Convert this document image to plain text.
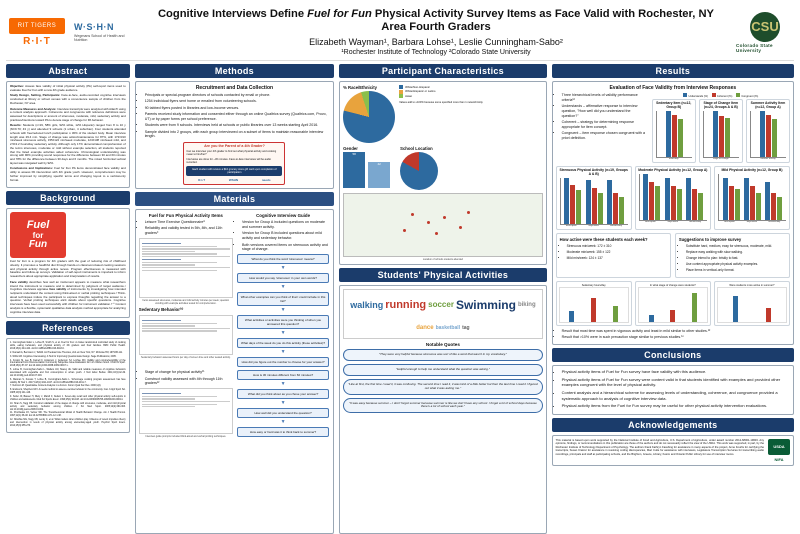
RIT TIGERS
R·I·T
W·S·H·N
Wegmans School of Health and Nutrition
Cognitive Interviews Define Fuel for Fun Physical Activity Survey Items as Face Valid with Rochester, NY Area Fourth Graders
Elizabeth Wayman¹, Barbara Lohse¹, Leslie Cunningham-Sabo²
¹Rochester Institute of Technology ²Colorado State University
CSU
Colorado State University
Abstract

Objective: Assess face validity of initial physical activity (PA) self-report items used to evaluate Fuel for Fun with a new 4th grade audience.

Study Design, Setting, Participants: Face-to-face, audio-recorded cognitive interviews conducted at library or school venues with a convenience sample of children from the Rochester, NY area.

Outcome Measures and Analysis: Interview transcripts were analyzed with AtlasTi using a content analysis approach. Coherence and congruence with reference definitions were assessed for descriptions or amount of strenuous, moderate, mild, sedentary activity and practices/intentions toward PA to denote stage of change for PA behavior.

Results: Students (n=19, 58% girls, 92% white, 12% Hispanic) ranged from 8 to 10 y (M=9.70; 43 y) and attended 9 schools (1 urban, 4 suburban). Four students attended schools with free/reduced lunch participation ≥ 30% of the student body. Mean interview length was 29.4 min. Stage of change was action/maintenance for 87%, with 172±310 min/week strenuous activity, 155±122 min/week moderate, 124±138 min/week mild, and 2.5±2.2 hours/day sedentary activity. Although only 17% demonstrated comprehension of the terms strenuous, moderate or mild without example selection, all students reported that the listed example activities aided coherence. Chronological understanding was strong with 90% providing sound responses for the difference between 30 and 60 minutes and 78% for the difference between 30 days and 6 months. The mixed horizontal vertical layout was navigated well by 92%.

Conclusions and Implications: Fuel for Fun PA items demonstrated face validity and utility to assess PA intervention with 4th grade youth. However, comprehension may be further improved by simplifying specific terms and changing layout to a vertical-only format.

Background
Fuel
for
Fun

Fuel for Fun is a program for 4th graders with the goal of reducing risk of childhood obesity. It promotes a healthful diet through hands-on classroom-based cooking sessions and physical activity through active recess. Program effectiveness is measured with baseline and follow-up surveys. Validation of self-report instruments is important to inform researchers about appropriate application and interpretation of results.

Face validity describes how well an instrument appears to measure what researchers intend the instrument to measure and is determined by judgment of target audience.¹ Cognitive interviews appraise face validity of instruments by investigating how intended recipients understand the content using think-aloud or verbal probing techniques.² Think-aloud techniques induce the participant to express thoughts regarding the answer to a question. Verbal probing techniques elicit details about specific questions. Cognitive interviews have been used successfully with children for instrument validation.³⁻⁶ Content analysis is a flexible, systematic qualitative data analysis method appropriate for analyzing cognitive interview data.

References

1. Cunningham-Sabo L, Lohse B, Smith S, et al. Fuel for Fun: A cluster-randomized controlled study of cooking skills, eating behaviors, and physical activity of 4th graders and their families. BMC Public Health. 2016;16(1):444-444. doi:10.1186/s12889-016-3118-6.

2. Namadi A, Bernstein J, Tabibli. An Predetermine Theories, 2nd ed. New York, NY: McGraw-Hill; 1979:86-111.

3. Willis GB. Cognitive Interviewing: A Tool for Improving Questionnaire Design. Sage Publications; 2005.

4. Foxton M, Lee B, Farnell F, Anderson J, Anderson SJ, Lochse DO. Validity and comprehensibility of the International Form Documentation Community Subjective Issue Evaluation form in children found. Child Int Sport. 2018;18(1):87-97. doi:10.1111/j.1600-0838.2009.00917.x.

5. Lohse B, Cunningham-Sabo L, Walters LM, Stacey JE. Valid and reliable measures of cognitive behaviors associated with vegetable and fruit consumption in urban youth. J Nutr Educ Behav. 2011;43(1):42-49. doi:10.1016/j.jneb.2010.07.003.

6. Marican S, Kossos T, Lohse B, Cunningham-Sabo L. School-age cooking program assessment has face validity. Br Nutr J. 2017;118(1):1011-1027. doi:10.1186/s12889-016-2011-7.

7. Nehnom M. Quantitative Content Analysis in a Forum. Forum Qual Soc Res. 2000;1(2).

8. Endres E, Shepherd WJ. A needs method to assess exercise behavior in the community. Can J Appl Sport Sci. 1985;10(3):141-146.

9. Suller JF, Basser H, Riely J, Marsh F, Nelson J. Seven-day recall and other physical activity self-reports in children and adolescents. Med Sci Sports Exerc. 1993;25(1):99-108. doi:10.1249/00005768-199301000-00014.

10. Shan S, Tagg CB. Construct validation of the stages of change with strenuous, moderate, and mild physical activity and sedentary behavior among children. J Sci Med Sport. 2005;12(2):294-303. doi:10.1016/j.jsams.2008.01.002.

11. Prochaska JO, Velicer WF. The Transtheoretical Model of Health Behavior Change. Am J Health Promot. 1997;12(1):38-48. doi:10.4278/0890-1171-12.1.38.

12. Nitschke MG, Nagy CB, Lenky C, et al. What matters when children play. Influence of recent impulsive theory and intervention in levels of physical activity among elementary-aged youth. Psychol Sport Exerc. 2014;15(3):255-270.

Methods
Recruitment and Data Collection
• Principals or special-program directors of schools contacted by email or phone.
• 1254 individual flyers sent home or emailed from volunteering schools.
• 90 tabbed flyers posted in libraries and low-income venues.
• Parents received study information and consented either through an online Qualtrics survey (Qualtrics.com, Provo, UT) or by paper forms per school preference.
• Students were from 9 schools. Interviews held at schools or public libraries over 13 weeks starting April 2016.
• Sample divided into 2 groups, with each group interviewed on a subset of items to maintain reasonable interview length.
Are you the Parent of a 4th Grader?
Can we interview your 4th grader to find out what physical activity and cooking mean to him/her?
Interviews are done for ~30 minutes. Face-to-face interviews will be audio recorded.
Each student will receive a $10 grocery store gift card upon completion of participation
R·I·T	WSHN	needs
Materials
Fuel for Fun Physical Activity Items
• Leisure Time Exercise Questionnaire⁸
• Reliability and validity tested in 5th, 8th, and 11th graders⁹
Items assessed strenuous, moderate and mild activity minutes per week; question wording with example activities tested for comprehension.
Sedentary Behavior¹⁰
Sedentary behavior assessed hours per day of screen time and other seated activity.
Cognitive Interview Guide
• Version for Group A included questions on moderate and summer activity.
• Version for Group B included questions about mild activity and sedentary behavior.
• Both versions covered items on strenuous activity and stage of change.
What do you think the word 'strenuous' means?
▼
How would you say 'strenuous' in your own words?
▼
What other examples can you think of that I could include in this list?
▼
What activities or activities were you thinking of when you answered this question?
▼
What days of the week do you do this activity (these activities)?
▼
How did you figure out the number to choose for your answer?
• Stage of change for physical activity¹¹
• Construct validity assessed with 4th through 11th graders¹²
Interview guide prompts included think-aloud and verbal probing techniques.
How is 30 minutes different from 60 minutes?
▼
What did you think about as you chose your answer?
▼
How well did you understand the question?
▼
How easy or hard was it to think back to summer?
Participant Characteristics
% Race/Ethnicity	White/Non-Hispanic
White/Hispanic or Latino
Asian
Values add to ≥100% because some specified more than 1 race/ethnicity.
Gender
58
42
School Location
Location of schools students attended
Students' Physical Activities
walking running soccer Swimming biking
dance basketball tag
Notable Quotes
"They were very helpful because strenuous was sort of like a word that wasn't in my vocabulary."
"Helpful enough to help me understand what the question was asking."
"Like at first, the first time I read it, it was confusing. The second time I read it, it was kind of a little better but then the last time I read it I figured out what it was asking me."
"It was easy because summer – I don't forget summer because summer is like we don't have any school. I forget a lot of school days because there's a lot of school each year."
Results
Evaluation of Face Validity from Interview Responses
• Three hierarchical levels of validity performance criteria¹²
• Understands – affirmative response to interview question, "How well did you understand the question?"
• Coherent – strategy for determining response appropriate for item concept.
• Congruent – item response chosen congruent with a priori definition.
Understands (%)	Coherent (%)	Congruent (%)
Sedentary Item (n=12, Group B)
hours/day
Stage of Change Item (n=24, Groups A & B)
stage of change
Summer Activity Item (n=12, Group A)
summer activity
Strenuous Physical Activity (n=19, Groups A & B)
description	days/week	minutes/day
Moderate Physical Activity (n=12, Group A)
description	days/week	minutes/day
Mild Physical Activity (n=12, Group B)
description	days/week	minutes/day
How active were these students each week?
• Strenuous min/week: 172 ± 310
• Moderate min/week: 155 ± 122
• Mild min/week: 124 ± 137
Suggestions to improve survey
• Substitute hard, medium, easy for strenuous, moderate, mild.
• Replace easy walking with slow walking.
• Change intend to plan: briskly to fast.
• Use context appropriate physical activity examples.
• Place items in vertical-only format.
Sedentary hours/day	In what stage of change were students?	Were students more active in summer?
• Result that most time was spent in vigorous activity and least in mild similar to other studies.¹²
• Result that >10% were in such precaution stage similar to previous studies.¹⁰
Conclusions
• Physical activity items of Fuel for Fun survey have face validity with this audience.
• Physical activity items of Fuel for Fun survey were content valid in that students identified with examples and provided other examples congruent with the level of physical activity.
• Content analysis and a hierarchical scheme for assessing levels of understanding, coherence, and congruence provided a systematic approach to analysis of cognitive interview data.
• Physical activity items from the Fuel for Fun survey may be useful for other physical activity intervention evaluations.
Acknowledgements
This material is based upon work supported by the National Institute of Food and Agriculture, U.S. Department of Agriculture, under award number 2012-68001-19603. Any opinions, findings, or recommendations in this publication are those of the authors and do not necessarily reflect the view of the USDA. This work was supported, in part, by the Rochester Institute of Technology Department of Psychology. The authors thank Kathryn Fassbing for assistance in many aspects of the project, Anne Fourlis for certifying the transcripts, Susan Kratzer for assistance in resolving coding discrepancies, Mari Cutle for assistance with interviews, Legislature Transcription Services for transcribing audio recordings, principals and staff at participating schools, and the Brighton, Greece, Library, Kesim and Ontario Public Library for use of interview rooms.
USDA
NIFA
